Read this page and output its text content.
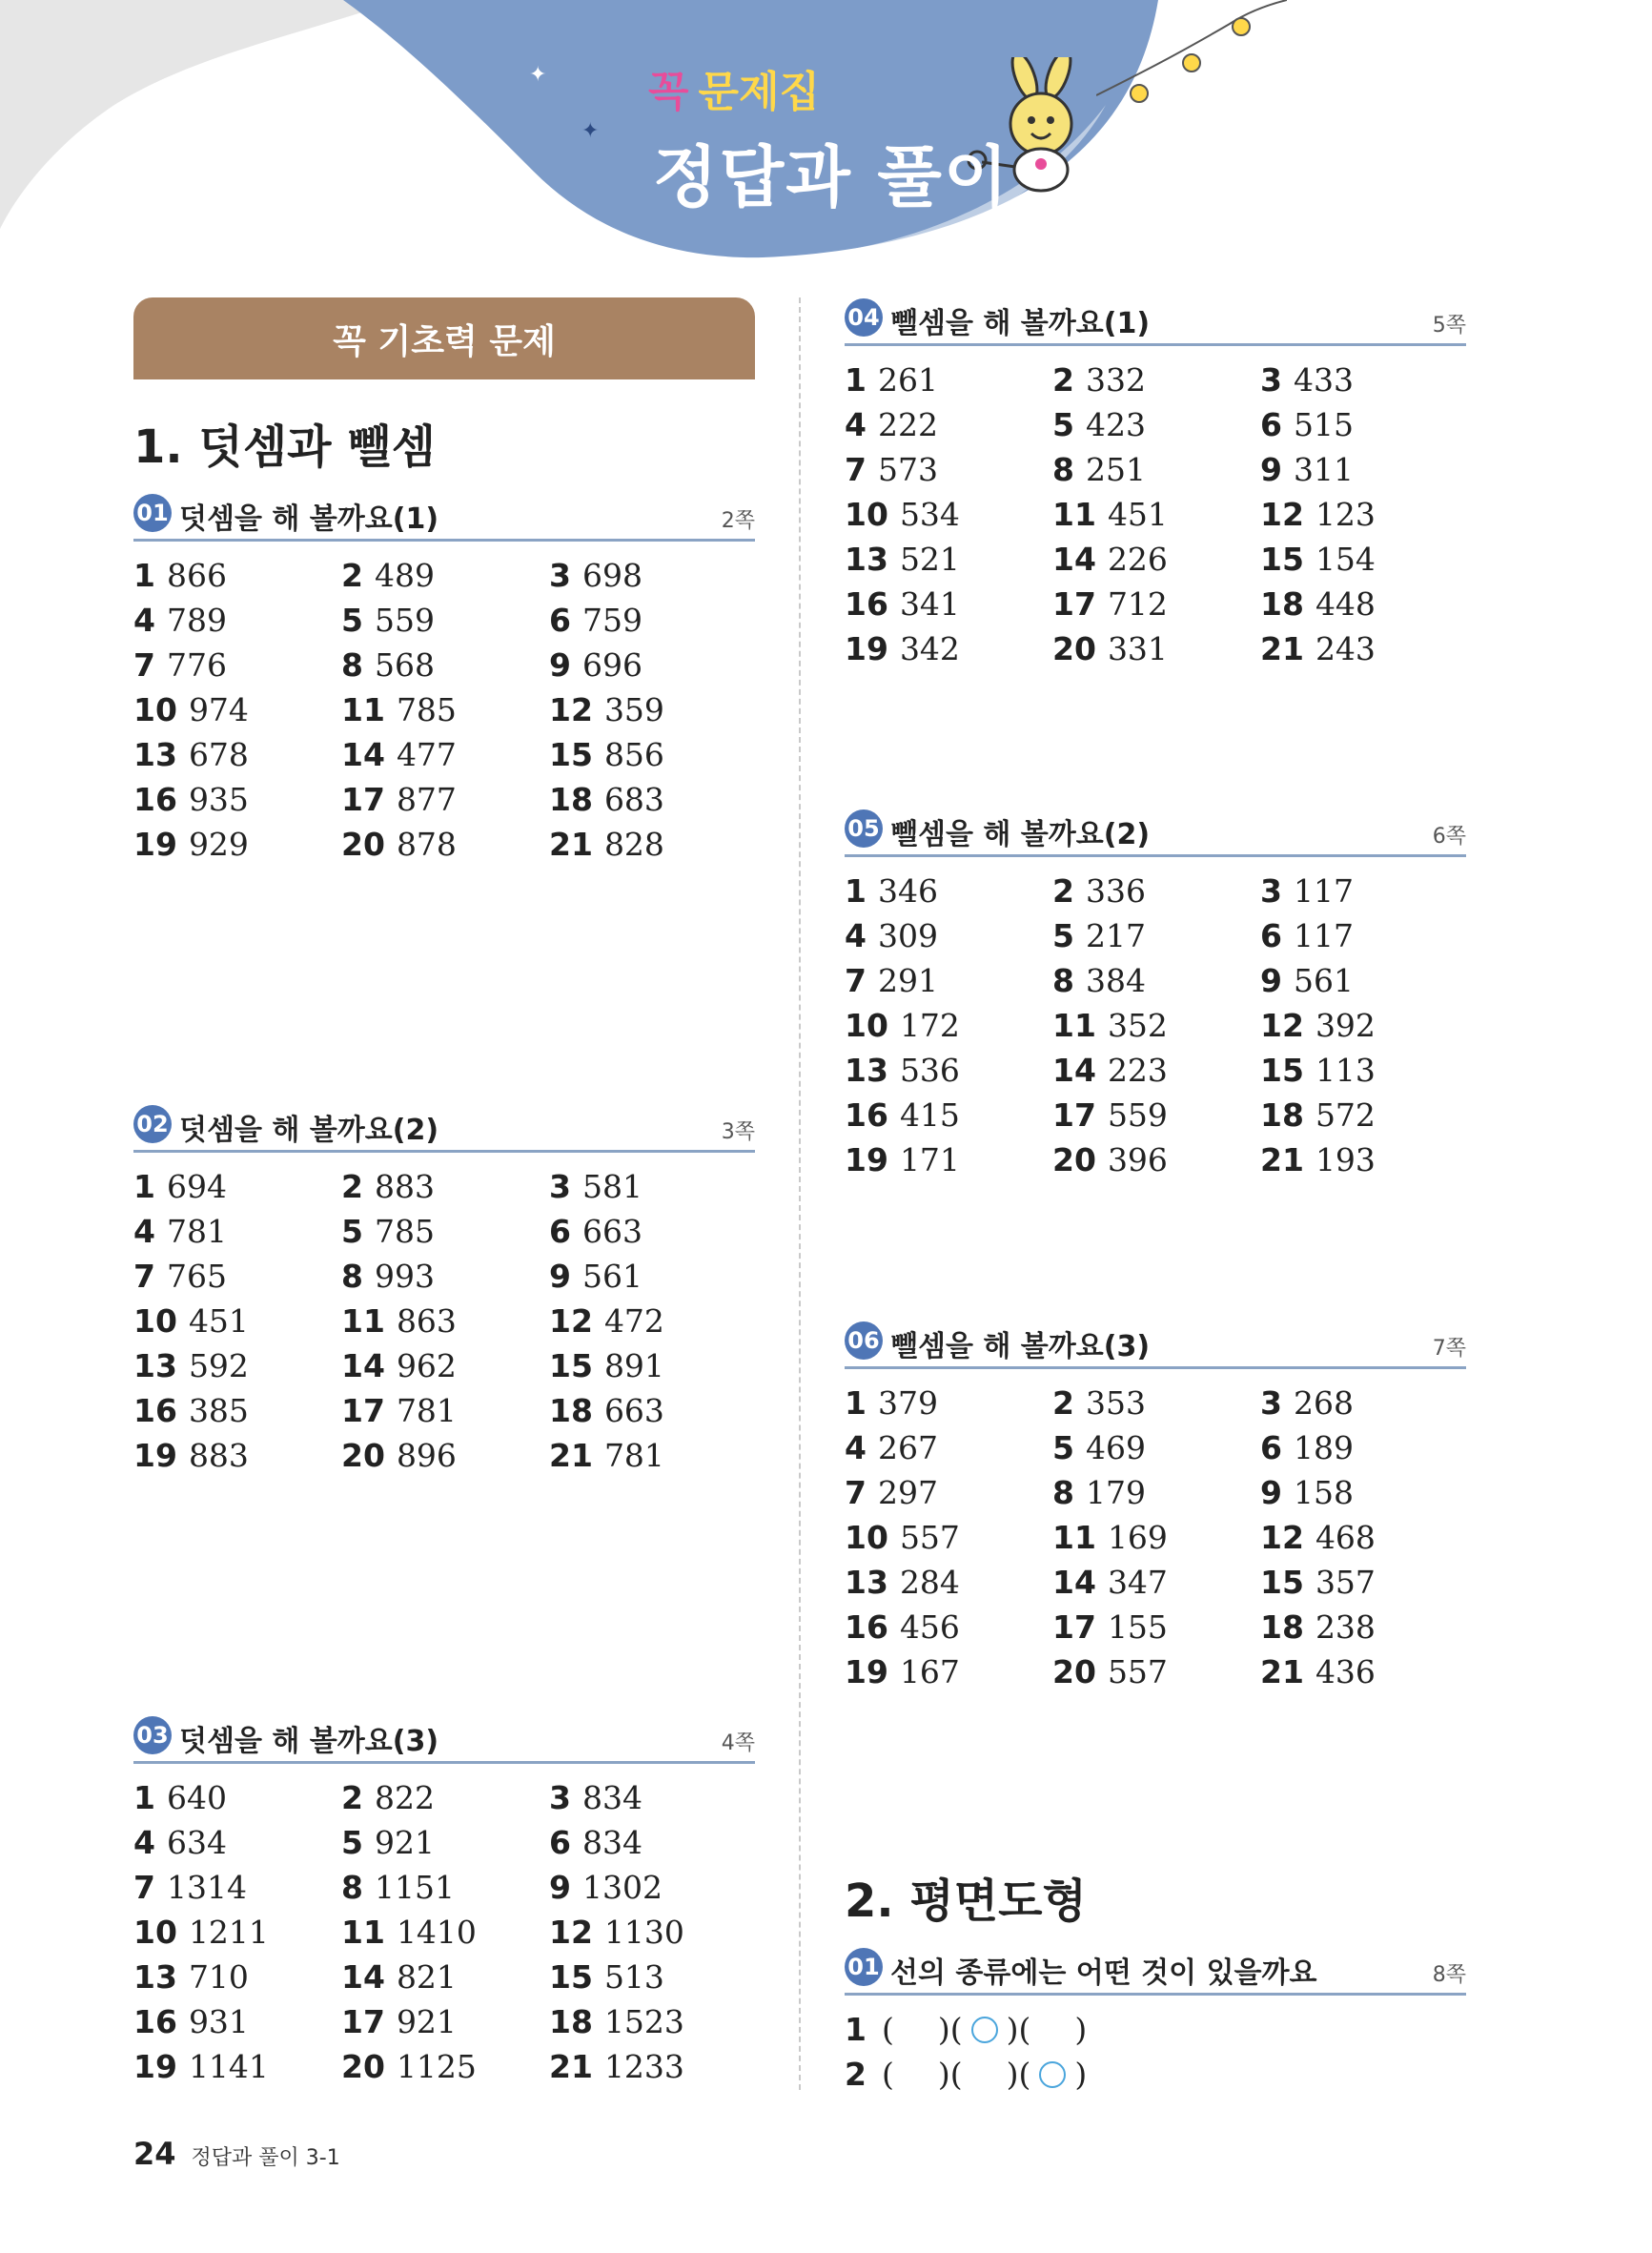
✦
✦
꼭 문제집
정답과 풀이
꼭 기초력 문제
1. 덧셈과 뺄셈
01 덧셈을 해 볼까요(1)	2쪽
1 866	2 489	3 698
4 789	5 559	6 759
7 776	8 568	9 696
10 974	11 785	12 359
13 678	14 477	15 856
16 935	17 877	18 683
19 929	20 878	21 828
02 덧셈을 해 볼까요(2)	3쪽
1 694	2 883	3 581
4 781	5 785	6 663
7 765	8 993	9 561
10 451	11 863	12 472
13 592	14 962	15 891
16 385	17 781	18 663
19 883	20 896	21 781
03 덧셈을 해 볼까요(3)	4쪽
1 640	2 822	3 834
4 634	5 921	6 834
7 1314	8 1151	9 1302
10 1211	11 1410	12 1130
13 710	14 821	15 513
16 931	17 921	18 1523
19 1141	20 1125	21 1233
04 뺄셈을 해 볼까요(1)	5쪽
1 261	2 332	3 433
4 222	5 423	6 515
7 573	8 251	9 311
10 534	11 451	12 123
13 521	14 226	15 154
16 341	17 712	18 448
19 342	20 331	21 243
05 뺄셈을 해 볼까요(2)	6쪽
1 346	2 336	3 117
4 309	5 217	6 117
7 291	8 384	9 561
10 172	11 352	12 392
13 536	14 223	15 113
16 415	17 559	18 572
19 171	20 396	21 193
06 뺄셈을 해 볼까요(3)	7쪽
1 379	2 353	3 268
4 267	5 469	6 189
7 297	8 179	9 158
10 557	11 169	12 468
13 284	14 347	15 357
16 456	17 155	18 238
19 167	20 557	21 436
2. 평면도형
01 선의 종류에는 어떤 것이 있을까요	8쪽
1 ( )( )( )
2 ( )( )( )
24 정답과 풀이 3-1
